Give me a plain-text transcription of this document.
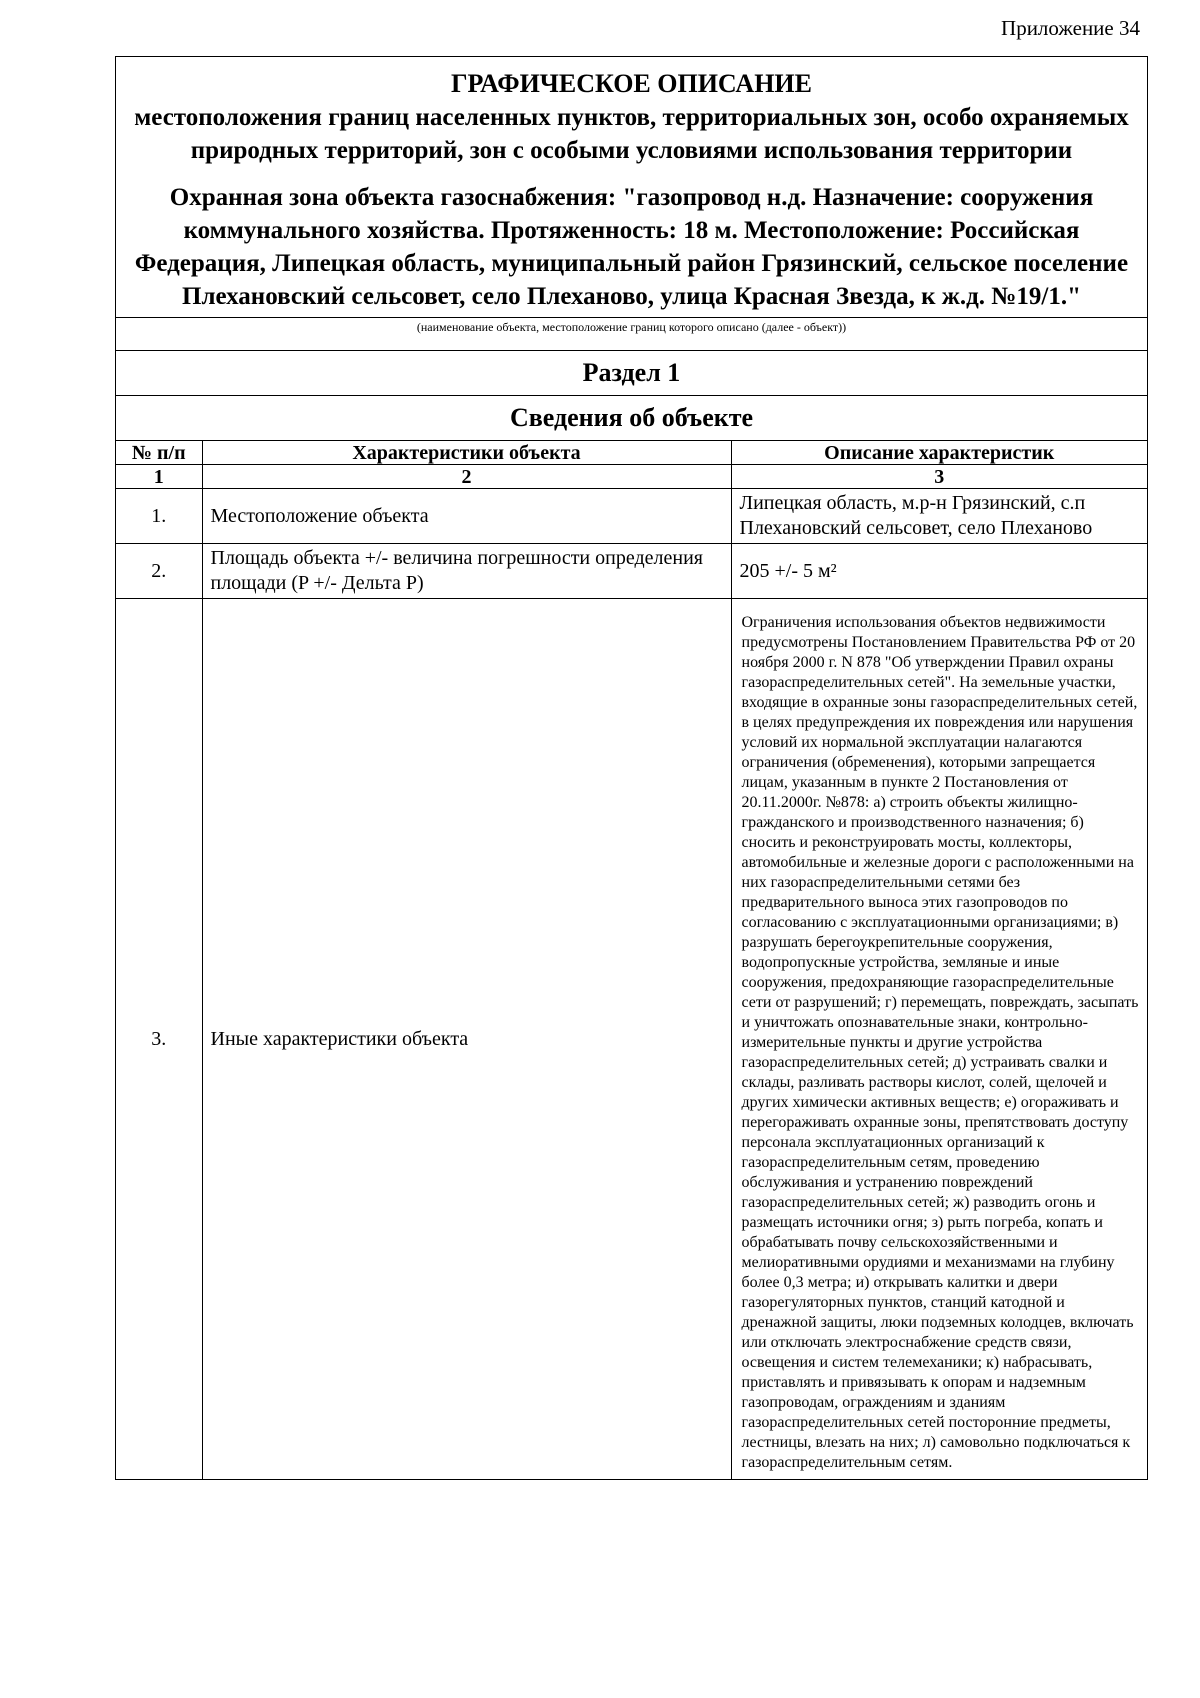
Приложение 34
ГРАФИЧЕСКОЕ ОПИСАНИЕ
местоположения границ населенных пунктов, территориальных зон, особо охраняемых природных территорий, зон с особыми условиями использования территории
Охранная зона объекта газоснабжения: "газопровод н.д. Назначение: сооружения коммунального хозяйства. Протяженность: 18 м. Местоположение: Российская Федерация, Липецкая область, муниципальный район Грязинский, сельское поселение Плехановский сельсовет, село Плеханово, улица Красная Звезда, к ж.д. №19/1."
(наименование объекта, местоположение границ которого описано (далее - объект))
Раздел 1
Сведения об объекте
№ п/п	Характеристики объекта	Описание характеристик
1	2	3
1.	Местоположение объекта	Липецкая область, м.р-н Грязинский, с.п Плехановский сельсовет, село Плеханово
2.	Площадь объекта +/- величина погрешности определения площади (P +/- Дельта P)	205 +/- 5 м²
3.	Иные характеристики объекта	Ограничения использования объектов недвижимости предусмотрены Постановлением Правительства РФ от 20 ноября 2000 г. N 878 "Об утверждении Правил охраны газораспределительных сетей". На земельные участки, входящие в охранные зоны газораспределительных сетей, в целях предупреждения их повреждения или нарушения условий их нормальной эксплуатации налагаются ограничения (обременения), которыми запрещается лицам, указанным в пункте 2 Постановления от 20.11.2000г. №878: а) строить объекты жилищно-гражданского и производственного назначения; б) сносить и реконструировать мосты, коллекторы, автомобильные и железные дороги с расположенными на них газораспределительными сетями без предварительного выноса этих газопроводов по согласованию с эксплуатационными организациями; в) разрушать берегоукрепительные сооружения, водопропускные устройства, земляные и иные сооружения, предохраняющие газораспределительные сети от разрушений; г) перемещать, повреждать, засыпать и уничтожать опознавательные знаки, контрольно-измерительные пункты и другие устройства газораспределительных сетей; д) устраивать свалки и склады, разливать растворы кислот, солей, щелочей и других химически активных веществ; е) огораживать и перегораживать охранные зоны, препятствовать доступу персонала эксплуатационных организаций к газораспределительным сетям, проведению обслуживания и устранению повреждений газораспределительных сетей; ж) разводить огонь и размещать источники огня; з) рыть погреба, копать и обрабатывать почву сельскохозяйственными и мелиоративными орудиями и механизмами на глубину более 0,3 метра; и) открывать калитки и двери газорегуляторных пунктов, станций катодной и дренажной защиты, люки подземных колодцев, включать или отключать электроснабжение средств связи, освещения и систем телемеханики; к) набрасывать, приставлять и привязывать к опорам и надземным газопроводам, ограждениям и зданиям газораспределительных сетей посторонние предметы, лестницы, влезать на них; л) самовольно подключаться к газораспределительным сетям.
